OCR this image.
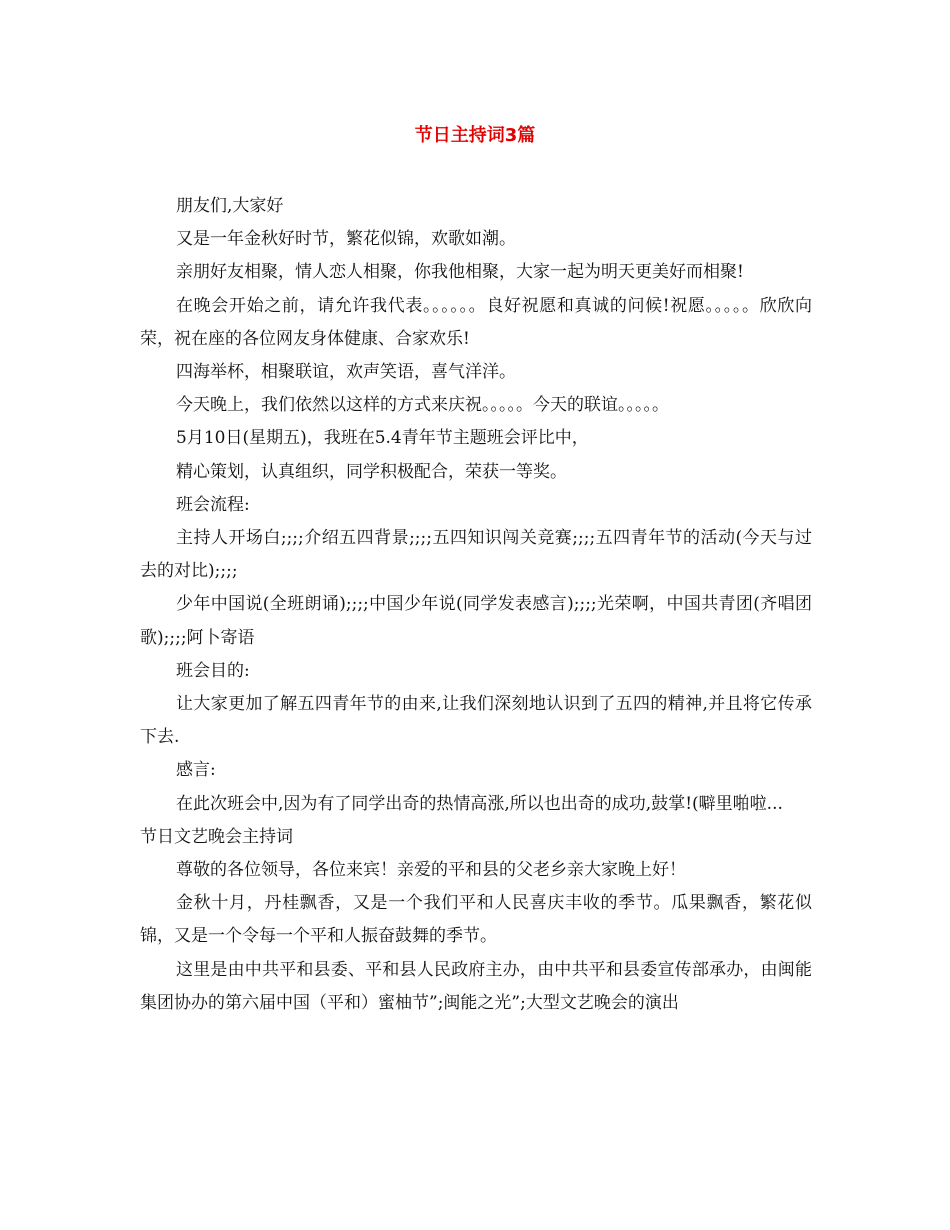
节日主持词3篇

朋友们,大家好

又是一年金秋好时节，繁花似锦，欢歌如潮。

亲朋好友相聚，情人恋人相聚，你我他相聚，大家一起为明天更美好而相聚!

在晚会开始之前，请允许我代表。。。。。。良好祝愿和真诚的问候!祝愿。。。。。欣欣向荣，祝在座的各位网友身体健康、合家欢乐!

四海举杯，相聚联谊，欢声笑语，喜气洋洋。

今天晚上，我们依然以这样的方式来庆祝。。。。。今天的联谊。。。。。

5月10日(星期五)，我班在5.4青年节主题班会评比中，

精心策划，认真组织，同学积极配合，荣获一等奖。

班会流程:

主持人开场白;;;;介绍五四背景;;;;五四知识闯关竞赛;;;;五四青年节的活动(今天与过去的对比);;;;

少年中国说(全班朗诵);;;;中国少年说(同学发表感言);;;;光荣啊，中国共青团(齐唱团歌);;;;阿卜寄语

班会目的:

让大家更加了解五四青年节的由来,让我们深刻地认识到了五四的精神,并且将它传承下去.

感言:

在此次班会中,因为有了同学出奇的热情高涨,所以也出奇的成功,鼓掌!(噼里啪啦...

节日文艺晚会主持词

尊敬的各位领导，各位来宾！亲爱的平和县的父老乡亲大家晚上好！

金秋十月，丹桂飘香，又是一个我们平和人民喜庆丰收的季节。瓜果飘香，繁花似锦，又是一个令每一个平和人振奋鼓舞的季节。

这里是由中共平和县委、平和县人民政府主办，由中共平和县委宣传部承办，由闽能集团协办的第六届中国（平和）蜜柚节”;闽能之光”;大型文艺晚会的演出
